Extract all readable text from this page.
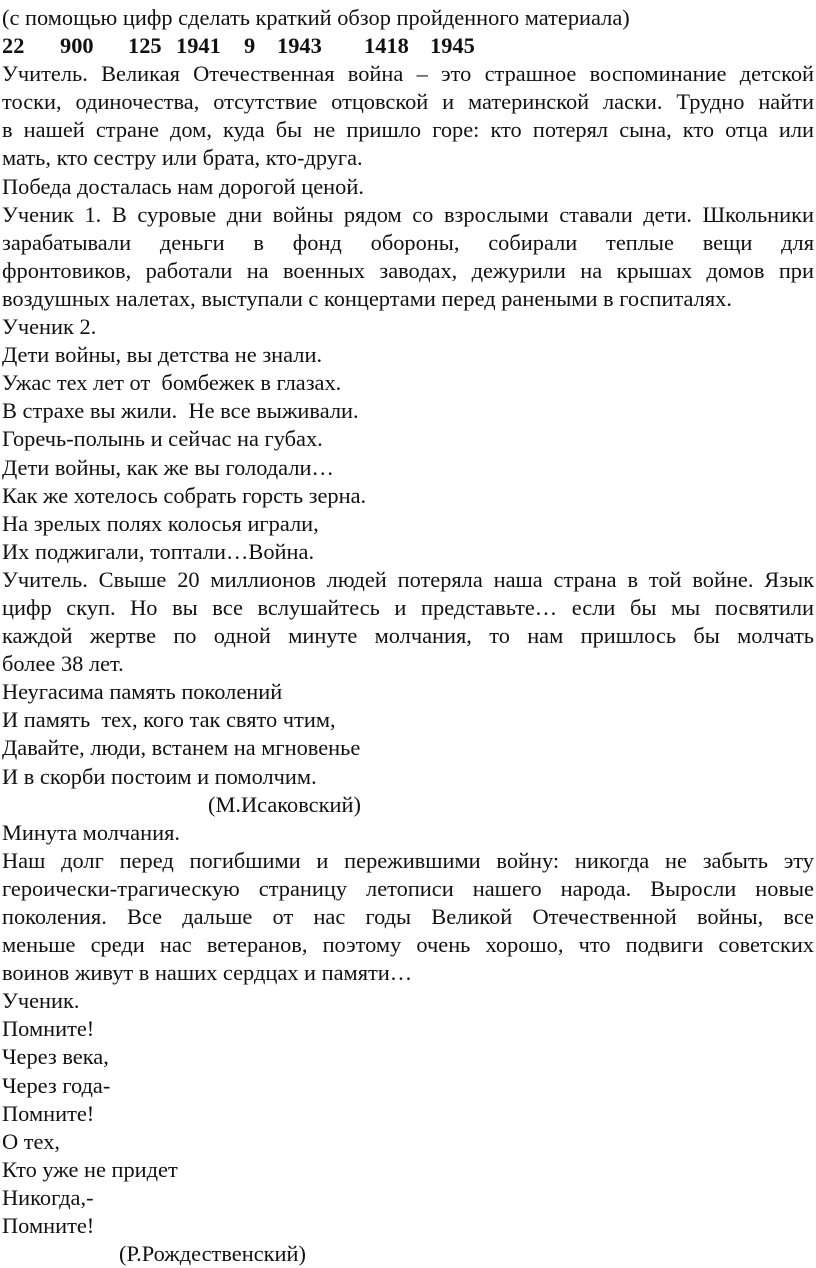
(с помощью цифр сделать краткий обзор пройденного материала)
22 900 125 1941 9 1943 1418 1945
Учитель. Великая Отечественная война – это страшное воспоминание детской
тоски, одиночества, отсутствие отцовской и материнской ласки. Трудно найти
в нашей стране дом, куда бы не пришло горе: кто потерял сына, кто отца или
мать, кто сестру или брата, кто-друга.
Победа досталась нам дорогой ценой.
Ученик 1. В суровые дни войны рядом со взрослыми ставали дети. Школьники
зарабатывали деньги в фонд обороны, собирали теплые вещи для
фронтовиков, работали на военных заводах, дежурили на крышах домов при
воздушных налетах, выступали с концертами перед ранеными в госпиталях.
Ученик 2.
Дети войны, вы детства не знали.
Ужас тех лет от  бомбежек в глазах.
В страхе вы жили.  Не все выживали.
Горечь-полынь и сейчас на губах.
Дети войны, как же вы голодали…
Как же хотелось собрать горсть зерна.
На зрелых полях колосья играли,
Их поджигали, топтали…Война.
Учитель. Свыше 20 миллионов людей потеряла наша страна в той войне. Язык
цифр скуп. Но вы все вслушайтесь и представьте… если бы мы посвятили
каждой жертве по одной минуте молчания, то нам пришлось бы молчать
более 38 лет.
Неугасима память поколений
И память  тех, кого так свято чтим,
Давайте, люди, встанем на мгновенье
И в скорби постоим и помолчим.
(М.Исаковский)
Минута молчания.
Наш долг перед погибшими и пережившими войну: никогда не забыть эту
героически-трагическую страницу летописи нашего народа. Выросли новые
поколения. Все дальше от нас годы Великой Отечественной войны, все
меньше среди нас ветеранов, поэтому очень хорошо, что подвиги советских
воинов живут в наших сердцах и памяти…
Ученик.
Помните!
Через века,
Через года-
Помните!
О тех,
Кто уже не придет
Никогда,-
Помните!
(Р.Рождественский)
